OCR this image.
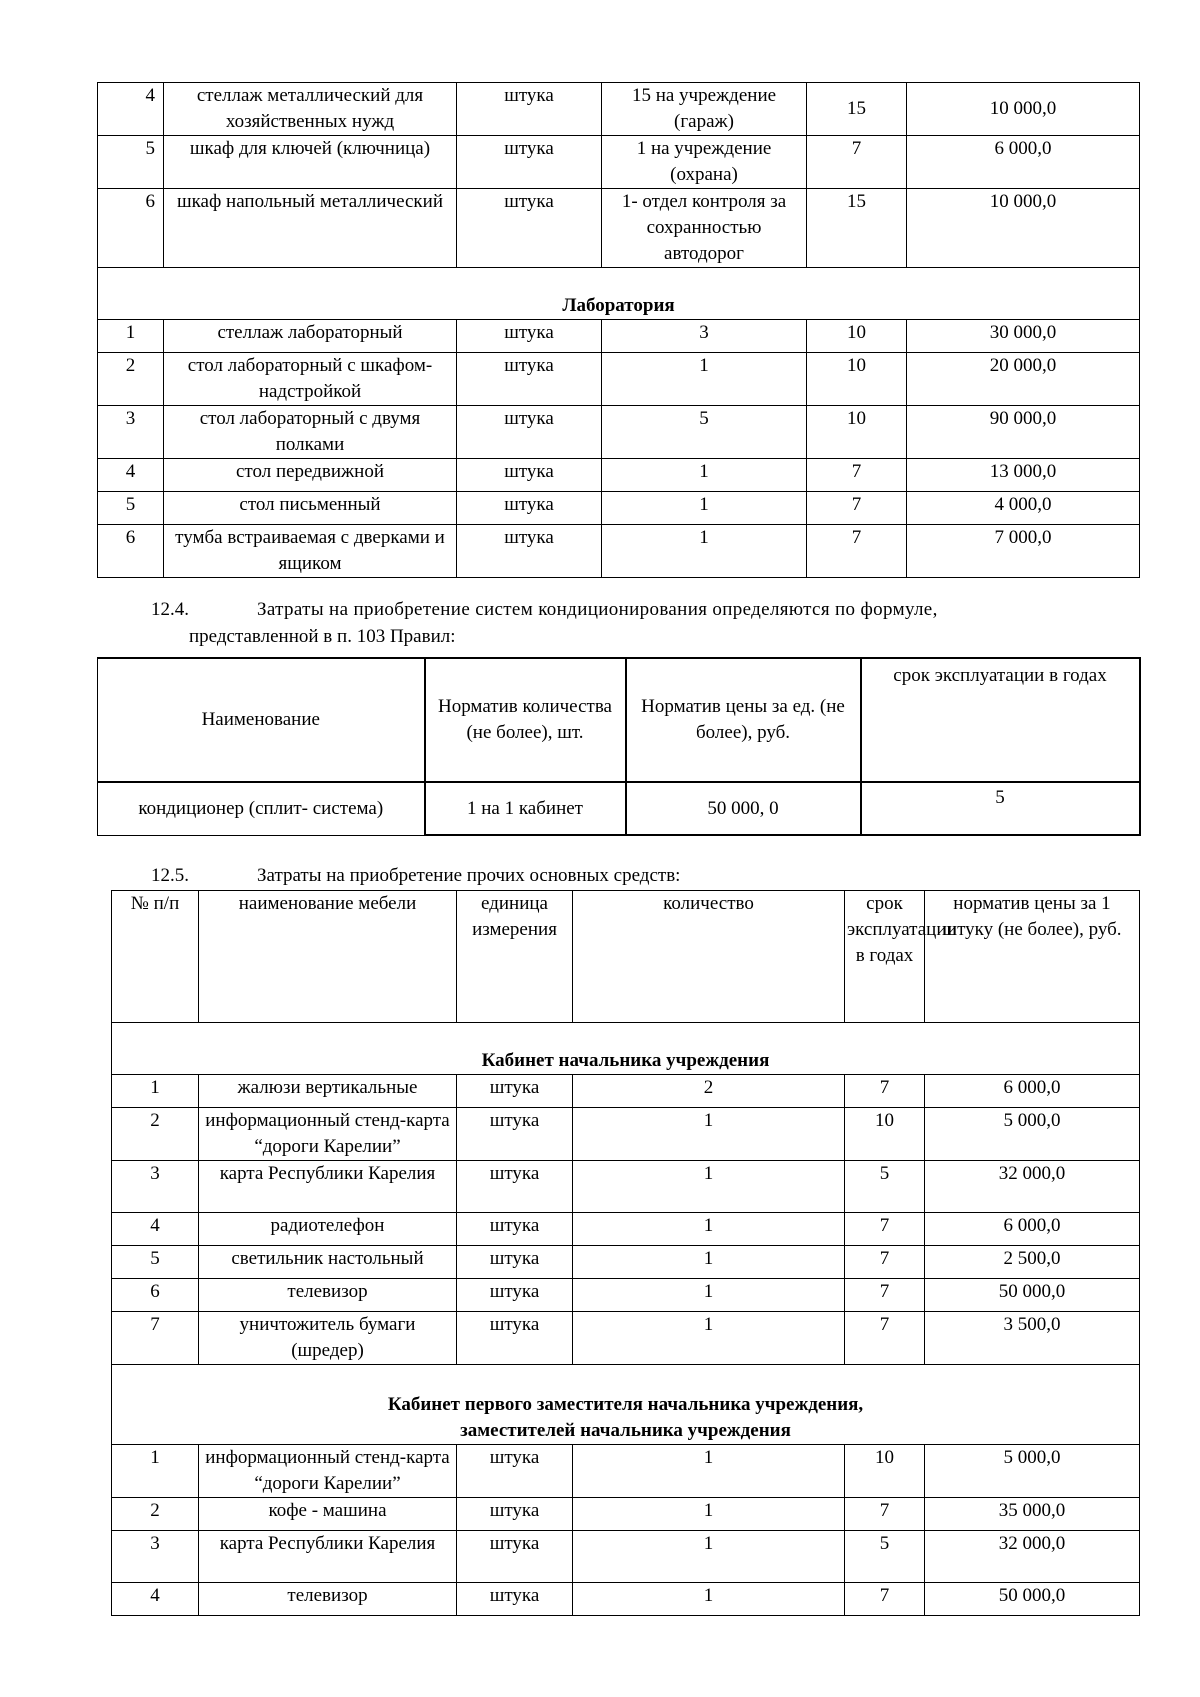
4	стеллаж металлический для хозяйственных нужд	штука	15 на учреждение (гараж)	15	10 000,0
5	шкаф для ключей (ключница)	штука	1 на учреждение (охрана)	7	6 000,0
6	шкаф напольный металлический	штука	1- отдел контроля за сохранностью автодорог	15	10 000,0
Лаборатория					
1	стеллаж лабораторный	штука	3	10	30 000,0
2	стол лабораторный с шкафом-надстройкой	штука	1	10	20 000,0
3	стол лабораторный с двумя полками	штука	5	10	90 000,0
4	стол передвижной	штука	1	7	13 000,0
5	стол письменный	штука	1	7	4 000,0
6	тумба встраиваемая с дверками и ящиком	штука	1	7	7 000,0
12.4.	Затраты на приобретение систем кондиционирования определяются по формуле,
представленной в п. 103 Правил:
Наименование	Норматив количества (не более), шт.	Норматив цены за ед. (не более), руб.	срок эксплуатации в годах
кондиционер (сплит- система)	1 на 1 кабинет	50 000, 0	5
12.5.	Затраты на приобретение прочих основных средств:
№ п/п	наименование мебели	единица измерения	количество	срок эксплуатации в годах	норматив цены за 1 штуку (не более), руб.
Кабинет начальника учреждения					
1	жалюзи вертикальные	штука	2	7	6 000,0
2	информационный стенд-карта “дороги Карелии”	штука	1	10	5 000,0
3	карта Республики Карелия	штука	1	5	32 000,0
4	радиотелефон	штука	1	7	6 000,0
5	светильник настольный	штука	1	7	2 500,0
6	телевизор	штука	1	7	50 000,0
7	уничтожитель бумаги (шредер)	штука	1	7	3 500,0

Кабинет первого заместителя начальника учреждения,
заместителей начальника учреждения					

1	информационный стенд-карта “дороги Карелии”	штука	1	10	5 000,0
2	кофе - машина	штука	1	7	35 000,0
3	карта Республики Карелия	штука	1	5	32 000,0
4	телевизор	штука	1	7	50 000,0
